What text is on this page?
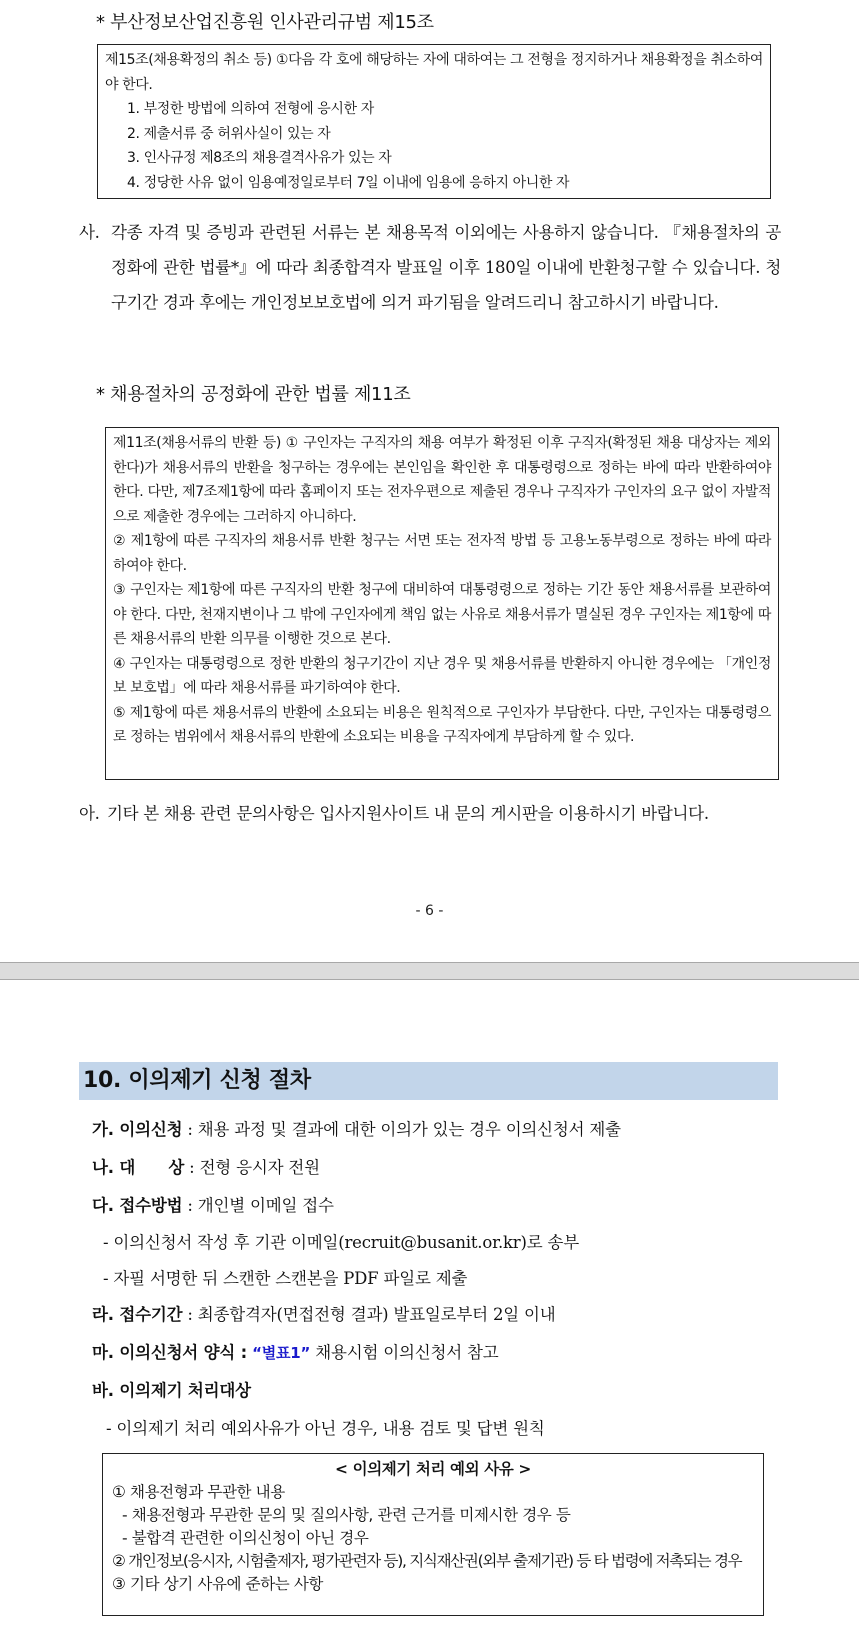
* 부산정보산업진흥원 인사관리규범 제15조

제15조(채용확정의 취소 등) ①다음 각 호에 해당하는 자에 대하여는 그 전형을 정지하거나 채용확정을 취소하여야 한다.

1. 부정한 방법에 의하여 전형에 응시한 자
2. 제출서류 중 허위사실이 있는 자
3. 인사규정 제8조의 채용결격사유가 있는 자
4. 정당한 사유 없이 임용예정일로부터 7일 이내에 임용에 응하지 아니한 자
사. 각종 자격 및 증빙과 관련된 서류는 본 채용목적 이외에는 사용하지 않습니다. 『채용절차의 공정화에 관한 법률*』에 따라 최종합격자 발표일 이후 180일 이내에 반환청구할 수 있습니다. 청구기간 경과 후에는 개인정보보호법에 의거 파기됨을 알려드리니 참고하시기 바랍니다.
* 채용절차의 공정화에 관한 법률 제11조

제11조(채용서류의 반환 등) ① 구인자는 구직자의 채용 여부가 확정된 이후 구직자(확정된 채용 대상자는 제외한다)가 채용서류의 반환을 청구하는 경우에는 본인임을 확인한 후 대통령령으로 정하는 바에 따라 반환하여야 한다. 다만, 제7조제1항에 따라 홈페이지 또는 전자우편으로 제출된 경우나 구직자가 구인자의 요구 없이 자발적으로 제출한 경우에는 그러하지 아니하다.

② 제1항에 따른 구직자의 채용서류 반환 청구는 서면 또는 전자적 방법 등 고용노동부령으로 정하는 바에 따라 하여야 한다.

③ 구인자는 제1항에 따른 구직자의 반환 청구에 대비하여 대통령령으로 정하는 기간 동안 채용서류를 보관하여야 한다. 다만, 천재지변이나 그 밖에 구인자에게 책임 없는 사유로 채용서류가 멸실된 경우 구인자는 제1항에 따른 채용서류의 반환 의무를 이행한 것으로 본다.

④ 구인자는 대통령령으로 정한 반환의 청구기간이 지난 경우 및 채용서류를 반환하지 아니한 경우에는 「개인정보 보호법」에 따라 채용서류를 파기하여야 한다.

⑤ 제1항에 따른 채용서류의 반환에 소요되는 비용은 원칙적으로 구인자가 부담한다. 다만, 구인자는 대통령령으로 정하는 범위에서 채용서류의 반환에 소요되는 비용을 구직자에게 부담하게 할 수 있다.

아. 기타 본 채용 관련 문의사항은 입사지원사이트 내 문의 게시판을 이용하시기 바랍니다.
- 6 -
10. 이의제기 신청 절차
가. 이의신청 : 채용 과정 및 결과에 대한 이의가 있는 경우 이의신청서 제출
나. 대      상 : 전형 응시자 전원
다. 접수방법 : 개인별 이메일 접수
- 이의신청서 작성 후 기관 이메일(recruit@busanit.or.kr)로 송부
- 자필 서명한 뒤 스캔한 스캔본을 PDF 파일로 제출
라. 접수기간 : 최종합격자(면접전형 결과) 발표일로부터 2일 이내
마. 이의신청서 양식 : “별표1” 채용시험 이의신청서 참고
바. 이의제기 처리대상
- 이의제기 처리 예외사유가 아닌 경우, 내용 검토 및 답변 원칙
< 이의제기 처리 예외 사유 >
① 채용전형과 무관한 내용
- 채용전형과 무관한 문의 및 질의사항, 관련 근거를 미제시한 경우 등
- 불합격 관련한 이의신청이 아닌 경우
② 개인정보(응시자, 시험출제자, 평가관련자 등), 지식재산권(외부 출제기관) 등 타 법령에 저촉되는 경우
③ 기타 상기 사유에 준하는 사항
